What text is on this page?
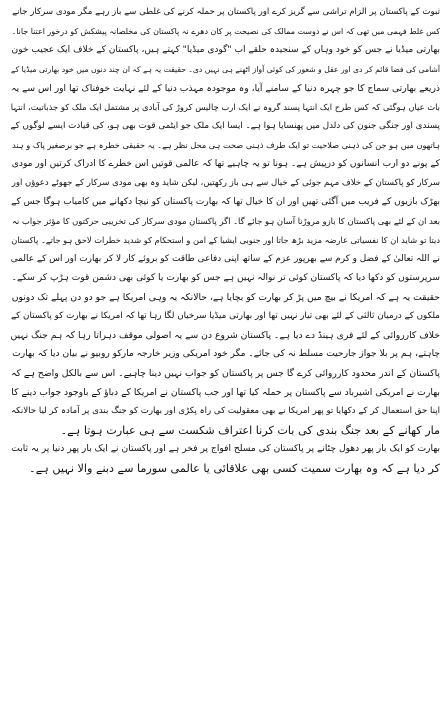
ثبوت کے پاکستان پر الزام تراشی سے گریز کرے اور پاکستان پر حملہ کرنے کی غلطی سے باز رہے مگر مودی سرکار جانے
کس غلط فہمی میں تھی کہ اس نے دوست ممالک کی نصیحت پر کان دھرے نہ پاکستان کی مخلصانہ پیشکش کو درخور اعتنا جانا۔
بھارتی میڈیا نے جس کو خود وہاں کے سنجیدہ حلقے اب "گودی میڈیا" کہتے ہیں، پاکستان کے خلاف ایک عجیب خون
آشامی کی فضا قائم کر دی اور عقل و شعور کی کوئی آواز اٹھنے ہی نہیں دی۔ حقیقت یہ ہے کہ ان چند دنوں میں خود بھارتی میڈیا کے
ذریعے بھارتی سماج کا جو چہرہ دنیا کے سامنے آیا، وہ موجودہ مہذب دنیا کے لئے نہایت خوفناک تھا اور اس سے یہ
بات عیاں ہوگئی کہ کس طرح ایک انتہا پسند گروہ نے ایک ارب چالیس کروڑ کی آبادی پر مشتمل ایک ملک کو جذباتیت، انتہا
پسندی اور جنگی جنون کی دلدل میں پھنسایا ہوا ہے۔ ایسا ایک ملک جو ایٹمی قوت بھی ہو، کی قیادت ایسے لوگوں کے
ہاتھوں میں ہو جن کی ذہنی صلاحیت تو ایک طرف ذہنی صحت ہی محل نظر ہے۔ یہ حقیقی خطرہ ہے جو برصغیر پاک و ہند
کے پونے دو ارب انسانوں کو درپیش ہے۔ ہونا تو یہ چاہیے تھا کہ عالمی قوتیں اس خطرے کا ادراک کرتیں اور مودی
سرکار کو پاکستان کے خلاف مہم جوئی کے خیال سے ہی باز رکھتیں، لیکن شاید وہ بھی مودی سرکار کے جھوٹے دعوؤں اور
بھڑک بازیوں کے فریب میں آگئی تھیں اور ان کا خیال تھا کہ بھارت پاکستان کو نیچا دکھانے میں کامیاب ہوگا جس کے
بعد ان کے لئے بھی پاکستان کا بازو مروڑنا آسان ہو جائے گا۔ اگر پاکستان مودی سرکار کی تخریبی حرکتوں کا مؤثر جواب نہ
دیتا تو شاید ان کا نفسیاتی عارضہ مزید بڑھ جاتا اور جنوبی ایشیا کے امن و استحکام کو شدید خطرات لاحق ہو جاتے۔ پاکستان
نے اللہ تعالیٰ کے فضل و کرم سے بھرپور عزم کے ساتھ اپنی دفاعی طاقت کو بروئے کار لا کر بھارت اور اس کے عالمی
سرپرستوں کو دکھا دیا کہ پاکستان کوئی تر نوالہ نہیں ہے جس کو بھارت یا کوئی بھی دشمن قوت ہڑپ کر سکے۔

حقیقت یہ ہے کہ امریکا نے بیچ میں پڑ کر بھارت کو بچایا ہے، حالانکہ یہ وہی امریکا ہے جو دو دن پہلے تک دونوں
ملکوں کے درمیان ثالثی کے لئے بھی تیار نہیں تھا اور بھارتی میڈیا سرخیاں لگا رہا تھا کہ امریکا نے بھارت کو پاکستان کے
خلاف کارروائی کے لئے فری ہینڈ دے دیا ہے۔ پاکستان شروع دن سے یہ اصولی موقف دہراتا رہا کہ ہم جنگ نہیں
چاہتے، ہم پر بلا جواز جارحیت مسلط نہ کی جائے۔ مگر خود امریکی وزیر خارجہ مارکو روبیو نے بیان دیا کہ بھارت
پاکستان کے اندر محدود کارروائی کرے گا جس پر پاکستان کو جواب نہیں دینا چاہیے۔ اس سے بالکل واضح ہے کہ
بھارت نے امریکی اشیرباد سے پاکستان پر حملہ کیا تھا اور جب پاکستان نے امریکا کے دباؤ کے باوجود جواب دینے کا
اپنا حق استعمال کر کے دکھایا تو پھر امریکا نے بھی معقولیت کی راہ پکڑی اور بھارت کو جنگ بندی پر آمادہ کر لیا حالانکہ
مار کھانے کے بعد جنگ بندی کی بات کرنا اعتراف شکست سے ہی عبارت ہوتا ہے۔

بھارت کو ایک بار پھر دھول چٹانے پر پاکستان کی مسلح افواج پر فخر ہے اور پاکستان نے ایک بار پھر دنیا پر یہ ثابت
کر دیا ہے کہ وہ بھارت سمیت کسی بھی علاقائی یا عالمی سورما سے دبنے والا نہیں ہے۔
